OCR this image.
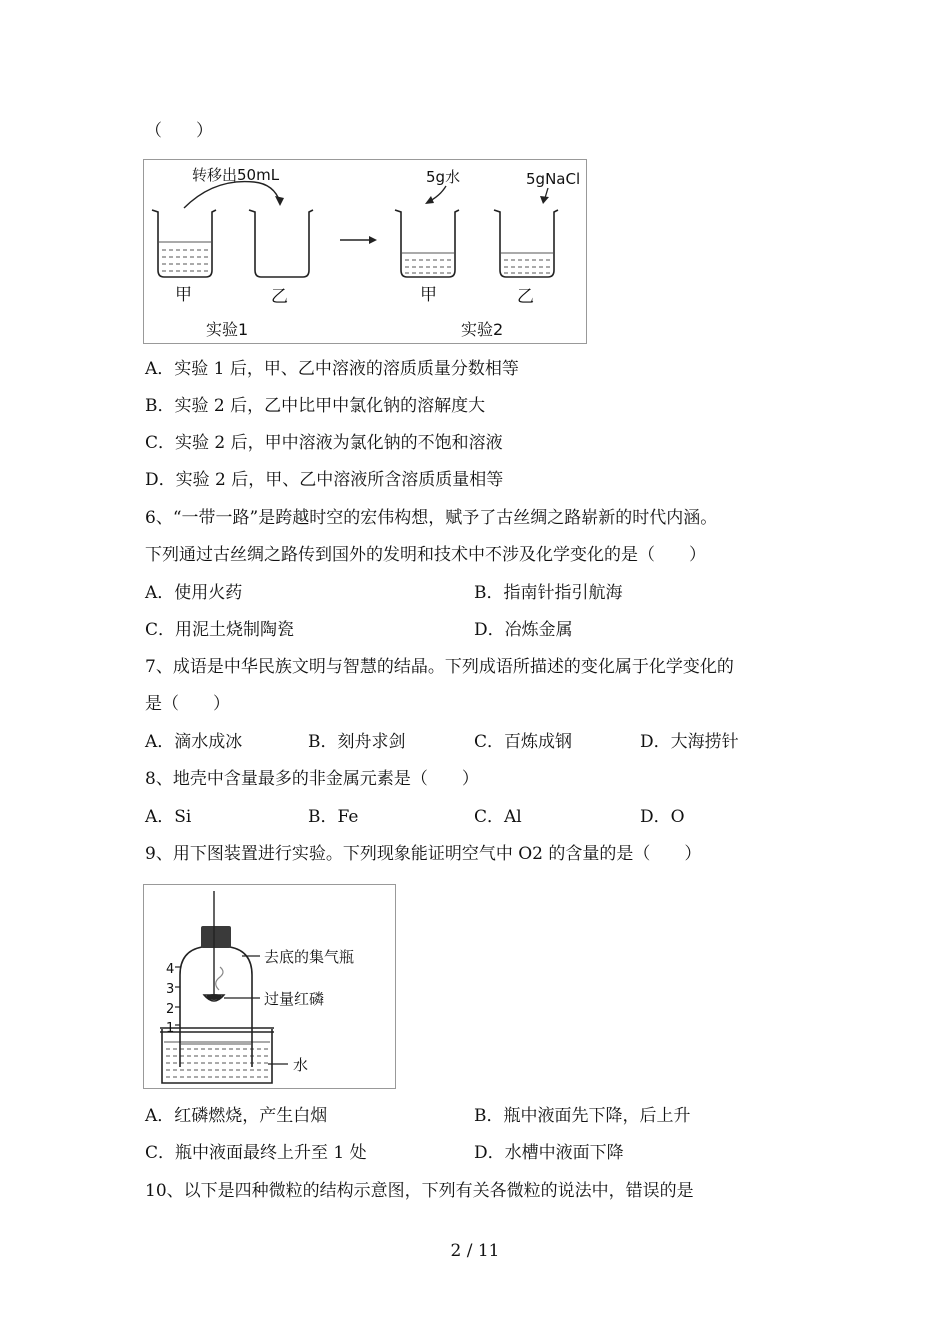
（　　）
转移出50mL	5g水	5gNaCl
甲	乙	甲	乙
实验1	实验2
A．实验 1 后，甲、乙中溶液的溶质质量分数相等
B．实验 2 后，乙中比甲中氯化钠的溶解度大
C．实验 2 后，甲中溶液为氯化钠的不饱和溶液
D．实验 2 后，甲、乙中溶液所含溶质质量相等
6、“一带一路”是跨越时空的宏伟构想，赋予了古丝绸之路崭新的时代内涵。
下列通过古丝绸之路传到国外的发明和技术中不涉及化学变化的是（　　）
A．使用火药	B．指南针指引航海
C．用泥土烧制陶瓷	D．冶炼金属
7、成语是中华民族文明与智慧的结晶。下列成语所描述的变化属于化学变化的
是（　　）
A．滴水成冰	B．刻舟求剑	C．百炼成钢	D．大海捞针
8、地壳中含量最多的非金属元素是（　　）
A．Si	B．Fe	C．Al	D．O
9、用下图装置进行实验。下列现象能证明空气中 O2 的含量的是（　　）
4
3
2
1
去底的集气瓶
过量红磷
水
A．红磷燃烧，产生白烟	B．瓶中液面先下降，后上升
C．瓶中液面最终上升至 1 处	D．水槽中液面下降
10、以下是四种微粒的结构示意图，下列有关各微粒的说法中，错误的是
2 / 11
